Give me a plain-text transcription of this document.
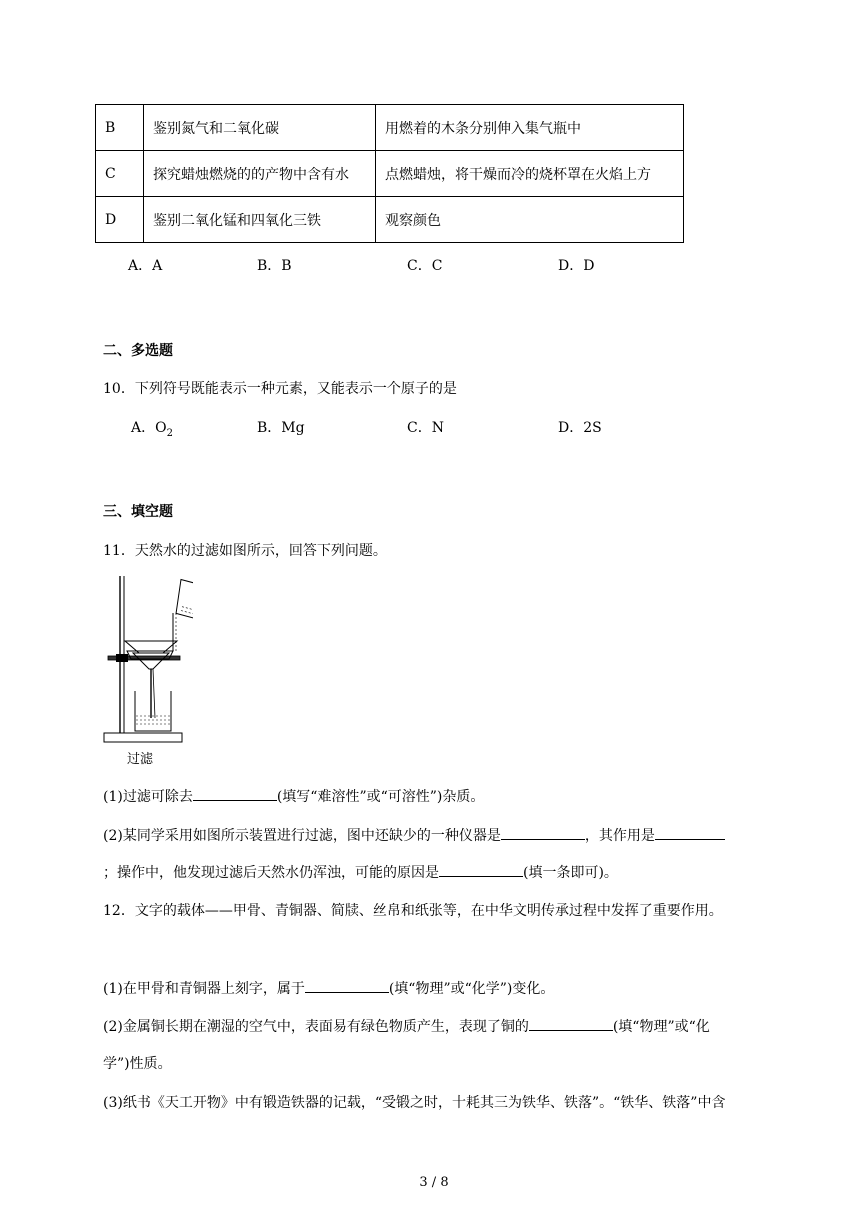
B	鉴别氮气和二氧化碳	用燃着的木条分别伸入集气瓶中
C	探究蜡烛燃烧的的产物中含有水	点燃蜡烛，将干燥而冷的烧杯罩在火焰上方
D	鉴别二氧化锰和四氧化三铁	观察颜色
A．A	B．B	C．C	D．D
二、多选题
10．下列符号既能表示一种元素，又能表示一个原子的是
A．$O_2$	B．Mg	C．N	D．2S
三、填空题
11．天然水的过滤如图所示，回答下列问题。
过滤
(1)过滤可除去	(填写“难溶性”或“可溶性”)杂质。
(2)某同学采用如图所示装置进行过滤，图中还缺少的一种仪器是	，其作用是
；操作中，他发现过滤后天然水仍浑浊，可能的原因是	(填一条即可)。
12．文字的载体——甲骨、青铜器、简牍、丝帛和纸张等，在中华文明传承过程中发挥了重要作用。
(1)在甲骨和青铜器上刻字，属于	(填“物理”或“化学”)变化。
(2)金属铜长期在潮湿的空气中，表面易有绿色物质产生，表现了铜的	(填“物理”或“化
学”)性质。
(3)纸书《天工开物》中有锻造铁器的记载，“受锻之时，十耗其三为铁华、铁落”。“铁华、铁落”中含
3 / 8
